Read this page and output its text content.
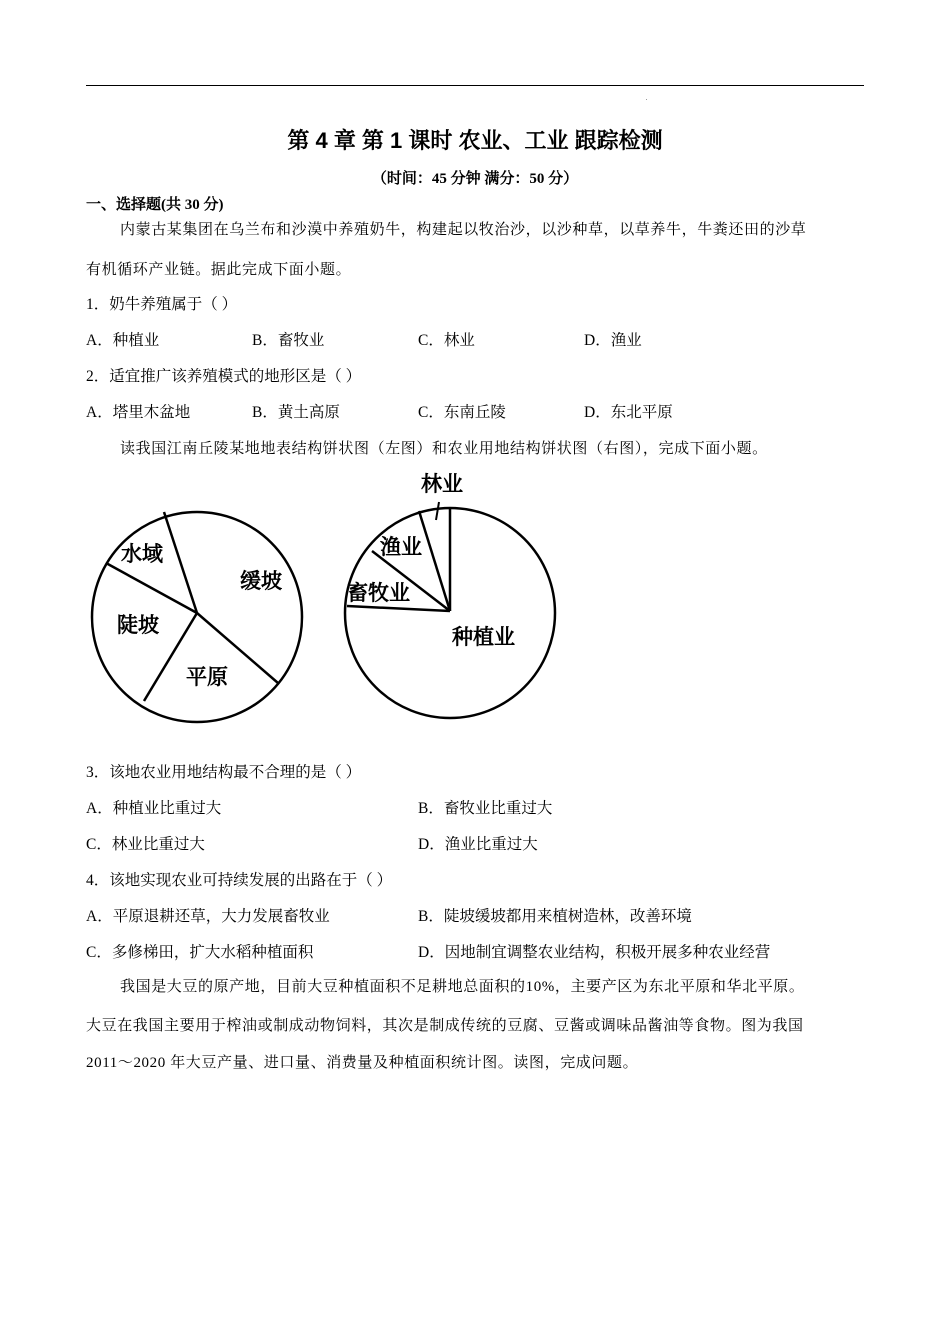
第 4 章 第 1 课时 农业、工业 跟踪检测
（时间：45 分钟 满分：50 分）
一、选择题(共 30 分)
内蒙古某集团在乌兰布和沙漠中养殖奶牛，构建起以牧治沙，以沙种草，以草养牛，牛粪还田的沙草
有机循环产业链。据此完成下面小题。
1．奶牛养殖属于（ ）
A．种植业	B．畜牧业	C．林业	D．渔业
2．适宜推广该养殖模式的地形区是（ ）
A．塔里木盆地	B．黄土高原	C．东南丘陵	D．东北平原
读我国江南丘陵某地地表结构饼状图（左图）和农业用地结构饼状图（右图），完成下面小题。
缓坡
平原
陡坡
水域
种植业
畜牧业
渔业
林业
3．该地农业用地结构最不合理的是（ ）
A．种植业比重过大	B．畜牧业比重过大
C．林业比重过大	D．渔业比重过大
4．该地实现农业可持续发展的出路在于（ ）
A．平原退耕还草，大力发展畜牧业	B．陡坡缓坡都用来植树造林，改善环境
C．多修梯田，扩大水稻种植面积	D．因地制宜调整农业结构，积极开展多种农业经营
我国是大豆的原产地，目前大豆种植面积不足耕地总面积的10%，主要产区为东北平原和华北平原。
大豆在我国主要用于榨油或制成动物饲料，其次是制成传统的豆腐、豆酱或调味品酱油等食物。图为我国
2011～2020 年大豆产量、进口量、消费量及种植面积统计图。读图，完成问题。
